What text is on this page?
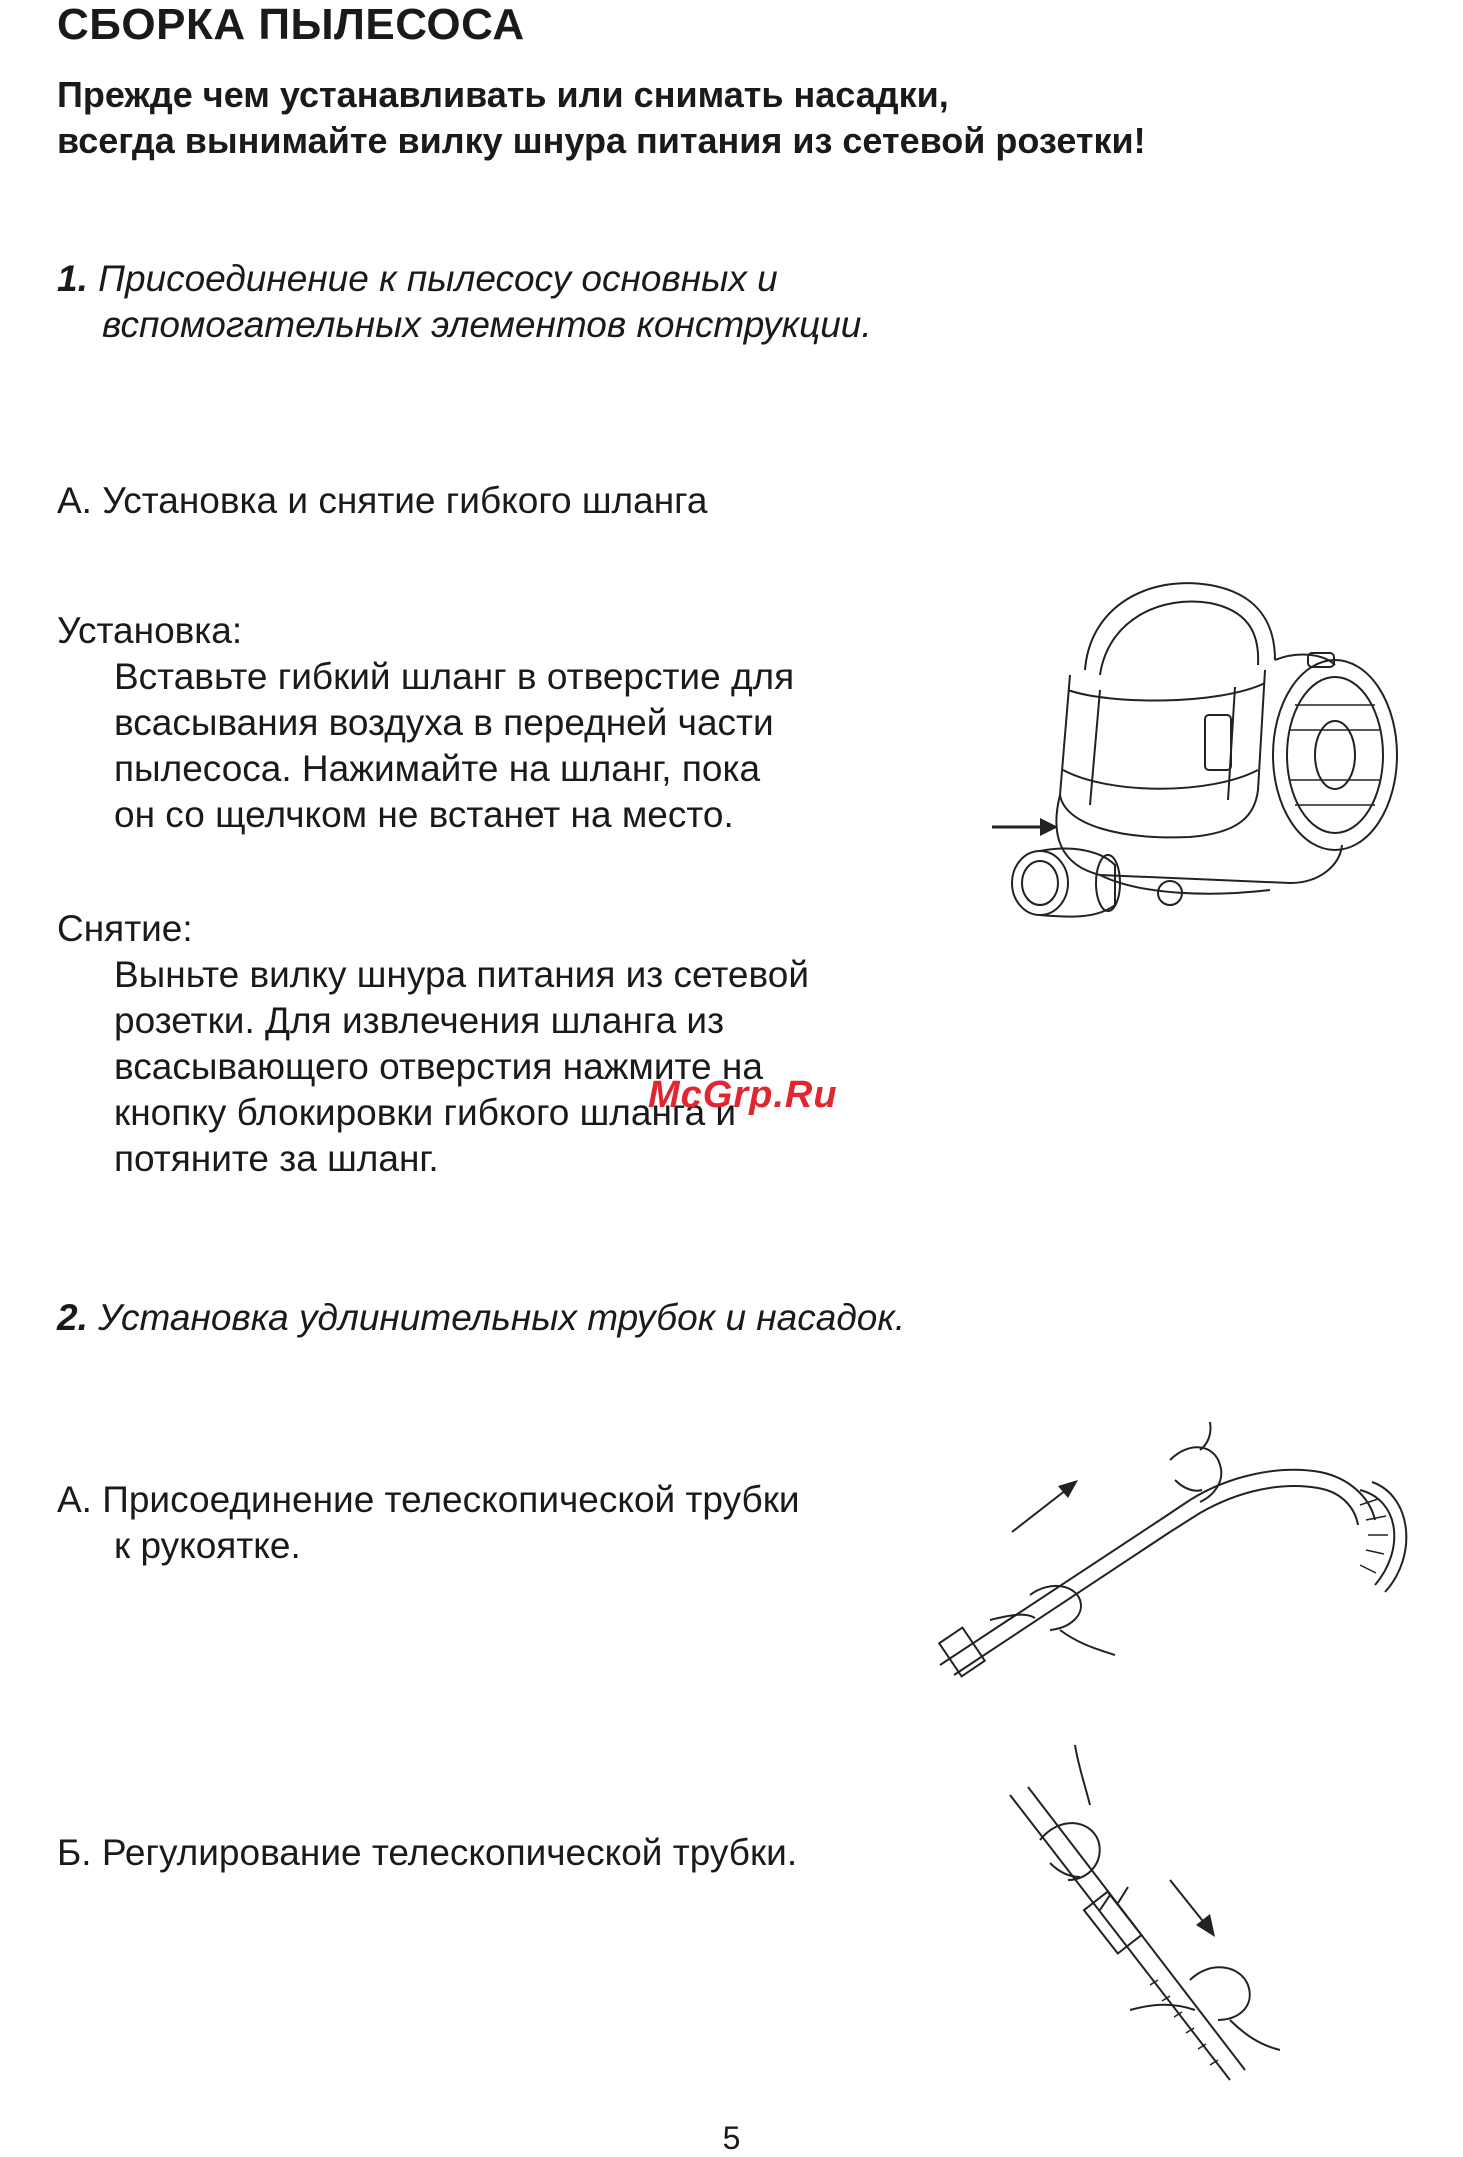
СБОРКА ПЫЛЕСОСА
Прежде чем устанавливать или снимать насадки,
всегда вынимайте вилку шнура питания из сетевой розетки!
1. Присоединение к пылесосу основных и
вспомогательных элементов конструкции.
А. Установка и снятие гибкого шланга
Установка:
Вставьте гибкий шланг в отверстие для
всасывания воздуха в передней части
пылесоса. Нажимайте на шланг, пока
он со щелчком не встанет на место.
Снятие:
Выньте вилку шнура питания из сетевой
розетки. Для извлечения шланга из
всасывающего отверстия нажмите на
кнопку блокировки гибкого шланга и
потяните за шланг.
McGrp.Ru
2. Установка удлинительных трубок и насадок.
А. Присоединение телескопической трубки
к рукоятке.
Б. Регулирование телескопической трубки.
5
